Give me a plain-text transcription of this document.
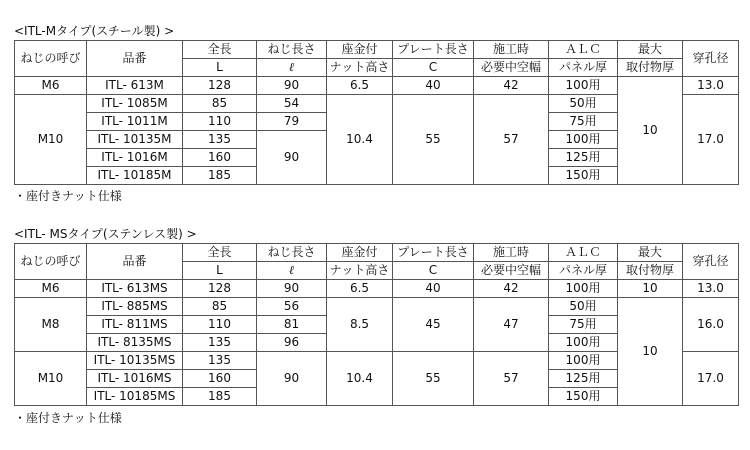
<ITL-Mタイプ(スチール製) >
ねじの呼び	品番	全長	ねじ長さ	座金付	プレート長さ	施工時	ＡＬＣ	最大	穿孔径
		L	ℓ	ナット高さ	C	必要中空幅	パネル厚	取付物厚	
M6	ITL- 613M	128	90	6.5	40	42	100用	10	13.0
M10	ITL- 1085M	85	54	10.4	55	57	50用		17.0
	ITL- 1011M	110	79				75用		
	ITL- 10135M	135	90				100用		
	ITL- 1016M	160					125用		
	ITL- 10185M	185					150用		
・座付きナット仕様
<ITL- MSタイプ(ステンレス製) >
ねじの呼び	品番	全長	ねじ長さ	座金付	プレート長さ	施工時	ＡＬＣ	最大	穿孔径
		L	ℓ	ナット高さ	C	必要中空幅	パネル厚	取付物厚	
M6	ITL- 613MS	128	90	6.5	40	42	100用	10	13.0
M8	ITL- 885MS	85	56	8.5	45	47	50用	10	16.0
	ITL- 811MS	110	81				75用		
	ITL- 8135MS	135	96				100用		
M10	ITL- 10135MS	135	90	10.4	55	57	100用		17.0
	ITL- 1016MS	160					125用		
	ITL- 10185MS	185					150用		
・座付きナット仕様
